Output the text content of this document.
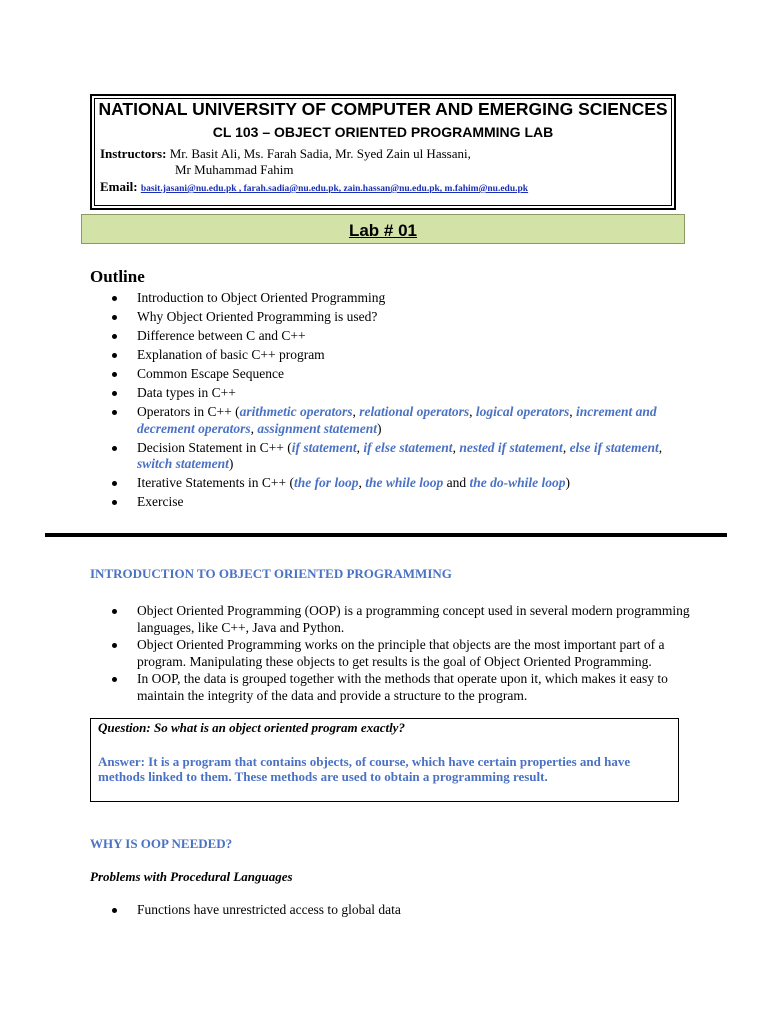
NATIONAL UNIVERSITY OF COMPUTER AND EMERGING SCIENCES
CL 103 – OBJECT ORIENTED PROGRAMMING LAB
Instructors: Mr. Basit Ali, Ms. Farah Sadia, Mr. Syed Zain ul Hassani,
Mr Muhammad Fahim
Email: basit.jasani@nu.edu.pk , farah.sadia@nu.edu.pk, zain.hassan@nu.edu.pk, m.fahim@nu.edu.pk
Lab # 01
Outline
Introduction to Object Oriented Programming
Why Object Oriented Programming is used?
Difference between C and C++
Explanation of basic C++ program
Common Escape Sequence
Data types in C++
Operators in C++ (arithmetic operators, relational operators, logical operators, increment and decrement operators, assignment statement)
Decision Statement in C++ (if statement, if else statement, nested if statement, else if statement, switch statement)
Iterative Statements in C++ (the for loop, the while loop and the do-while loop)
Exercise
INTRODUCTION TO OBJECT ORIENTED PROGRAMMING
Object Oriented Programming (OOP) is a programming concept used in several modern programming languages, like C++, Java and Python.
Object Oriented Programming works on the principle that objects are the most important part of a program. Manipulating these objects to get results is the goal of Object Oriented Programming.
In OOP, the data is grouped together with the methods that operate upon it, which makes it easy to maintain the integrity of the data and provide a structure to the program.
Question: So what is an object oriented program exactly?
Answer: It is a program that contains objects, of course, which have certain properties and have methods linked to them. These methods are used to obtain a programming result.
WHY IS OOP NEEDED?
Problems with Procedural Languages
Functions have unrestricted access to global data
